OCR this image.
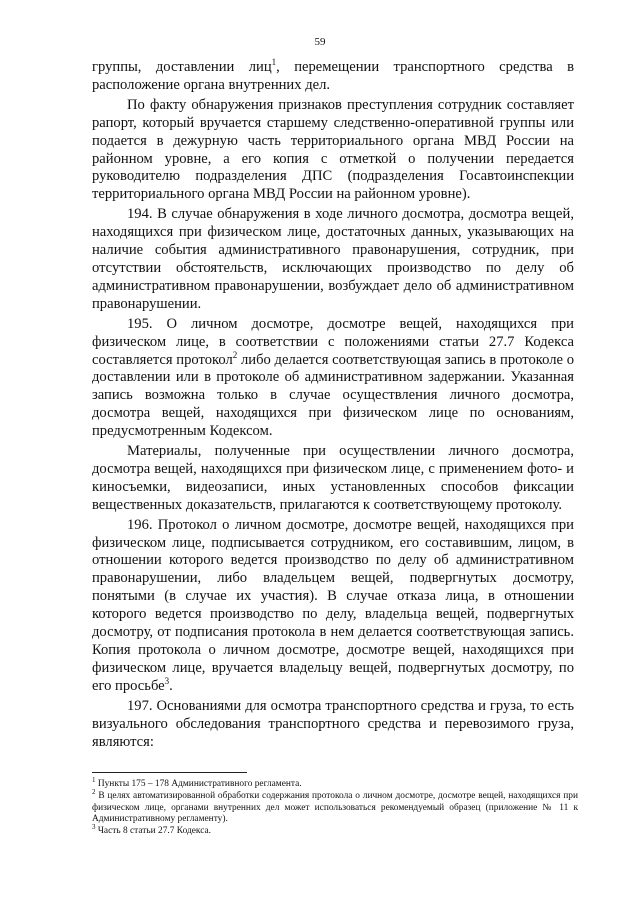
59

группы, доставлении лиц$^1$, перемещении транспортного средства в расположение органа внутренних дел.

По факту обнаружения признаков преступления сотрудник составляет рапорт, который вручается старшему следственно-оперативной группы или подается в дежурную часть территориального органа МВД России на районном уровне, а его копия с отметкой о получении передается руководителю подразделения ДПС (подразделения Госавтоинспекции территориального органа МВД России на районном уровне).

194. В случае обнаружения в ходе личного досмотра, досмотра вещей, находящихся при физическом лице, достаточных данных, указывающих на наличие события административного правонарушения, сотрудник, при отсутствии обстоятельств, исключающих производство по делу об административном правонарушении, возбуждает дело об административном правонарушении.

195. О личном досмотре, досмотре вещей, находящихся при физическом лице, в соответствии с положениями статьи 27.7 Кодекса составляется протокол$^2$ либо делается соответствующая запись в протоколе о доставлении или в протоколе об административном задержании. Указанная запись возможна только в случае осуществления личного досмотра, досмотра вещей, находящихся при физическом лице по основаниям, предусмотренным Кодексом.

Материалы, полученные при осуществлении личного досмотра, досмотра вещей, находящихся при физическом лице, с применением фото- и киносъемки, видеозаписи, иных установленных способов фиксации вещественных доказательств, прилагаются к соответствующему протоколу.

196. Протокол о личном досмотре, досмотре вещей, находящихся при физическом лице, подписывается сотрудником, его составившим, лицом, в отношении которого ведется производство по делу об административном правонарушении, либо владельцем вещей, подвергнутых досмотру, понятыми (в случае их участия). В случае отказа лица, в отношении которого ведется производство по делу, владельца вещей, подвергнутых досмотру, от подписания протокола в нем делается соответствующая запись. Копия протокола о личном досмотре, досмотре вещей, находящихся при физическом лице, вручается владельцу вещей, подвергнутых досмотру, по его просьбе$^3$.

197. Основаниями для осмотра транспортного средства и груза, то есть визуального обследования транспортного средства и перевозимого груза, являются:

$^1$ Пункты 175 – 178 Административного регламента.

$^2$ В целях автоматизированной обработки содержания протокола о личном досмотре, досмотре вещей, находящихся при физическом лице, органами внутренних дел может использоваться рекомендуемый образец (приложение № 11 к Административному регламенту).

$^3$ Часть 8 статьи 27.7 Кодекса.
